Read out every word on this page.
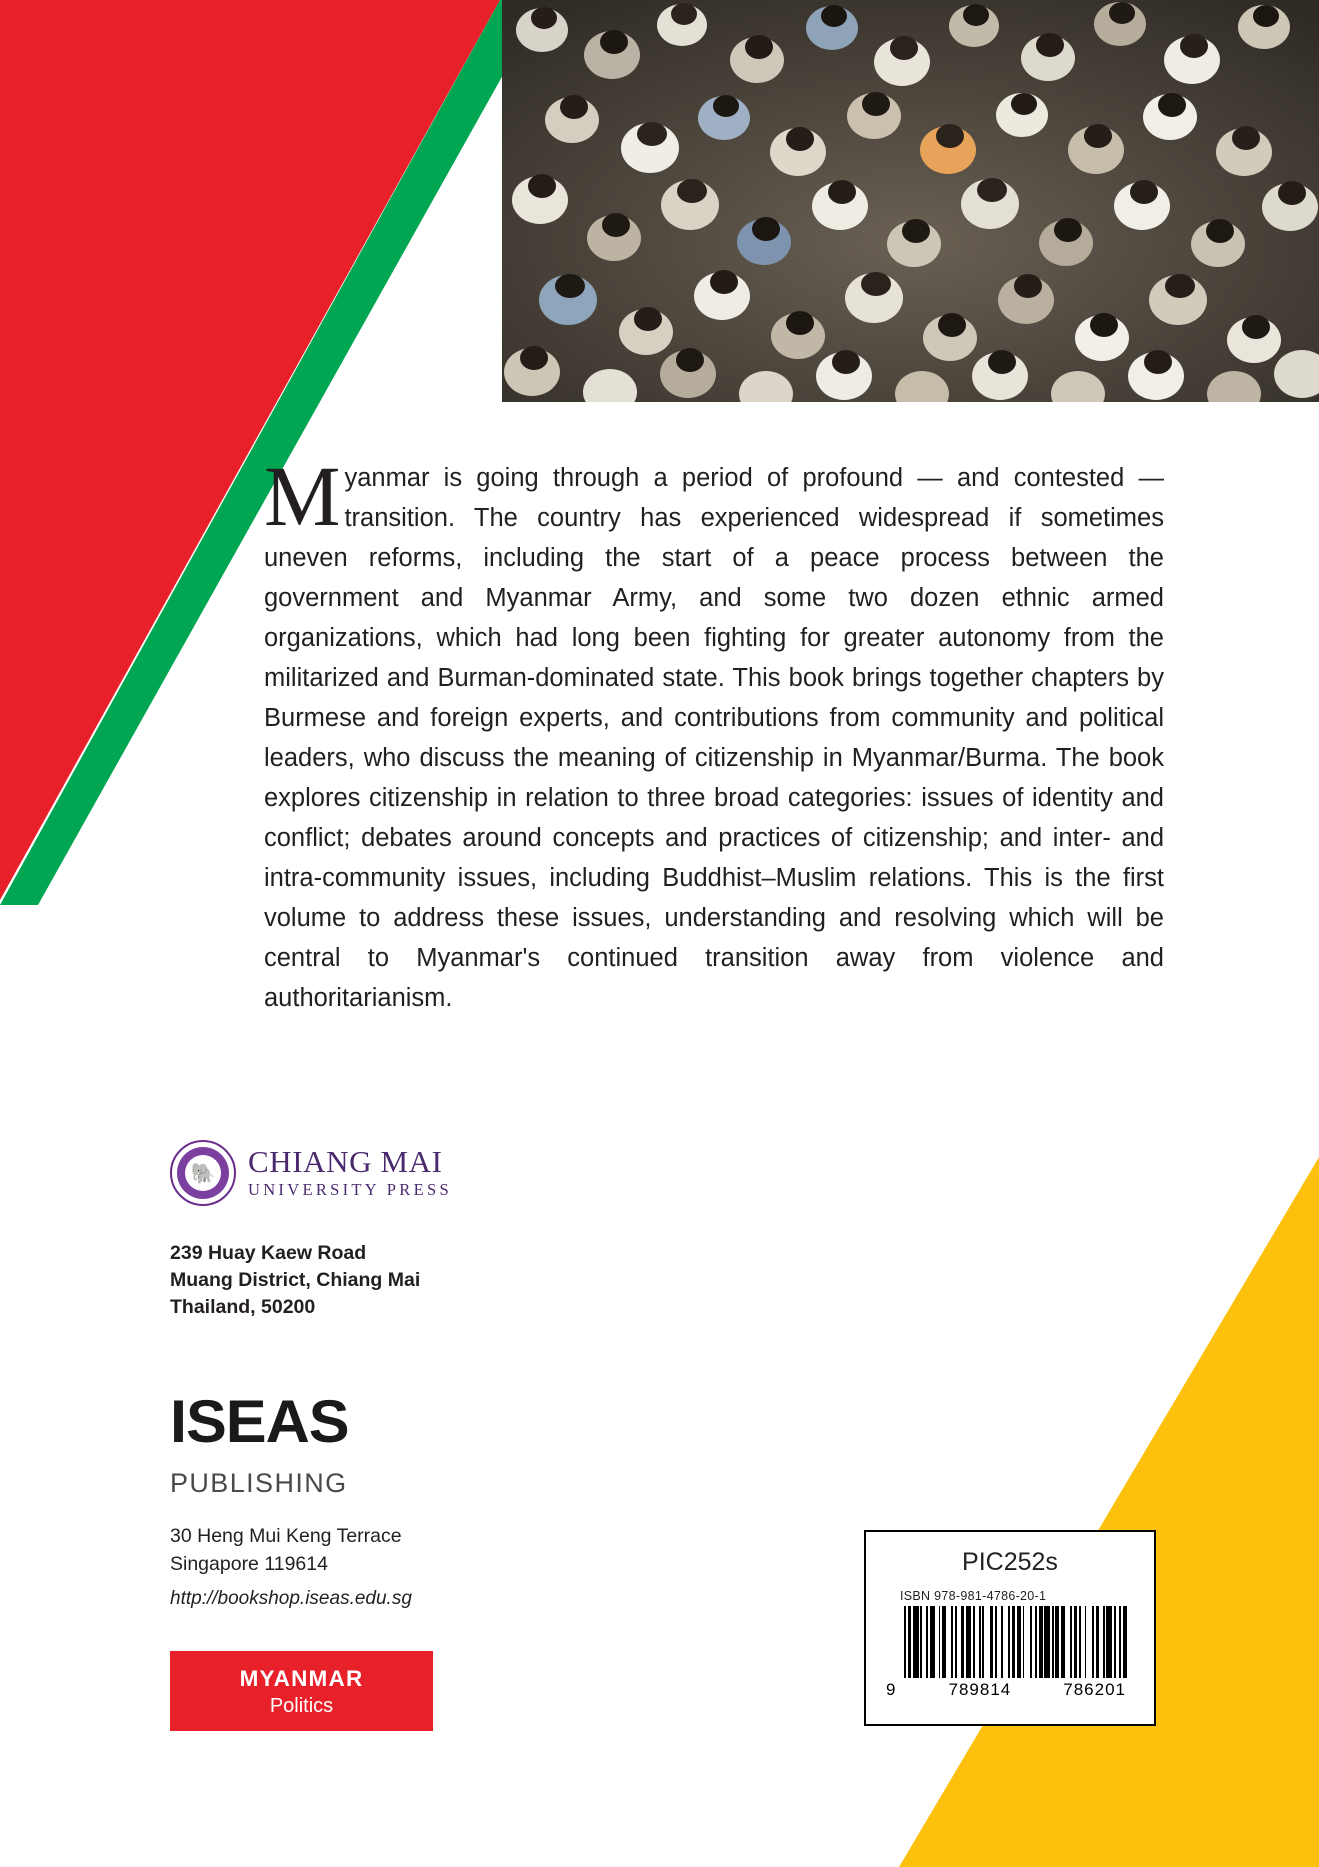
Myanmar is going through a period of profound — and contested — transition. The country has experienced widespread if sometimes uneven reforms, including the start of a peace process between the government and Myanmar Army, and some two dozen ethnic armed organizations, which had long been fighting for greater autonomy from the militarized and Burman-dominated state. This book brings together chapters by Burmese and foreign experts, and contributions from community and political leaders, who discuss the meaning of citizenship in Myanmar/Burma. The book explores citizenship in relation to three broad categories: issues of identity and conflict; debates around concepts and practices of citizenship; and inter- and intra-community issues, including Buddhist–Muslim relations. This is the first volume to address these issues, understanding and resolving which will be central to Myanmar's continued transition away from violence and authoritarianism.

🐘 CHIANG MAI
UNIVERSITY PRESS
239 Huay Kaew Road
Muang District, Chiang Mai
Thailand, 50200
ISEAS
PUBLISHING
30 Heng Mui Keng Terrace
Singapore 119614
http://bookshop.iseas.edu.sg
MYANMAR
Politics
PIC252s
ISBN 978-981-4786-20-1
9	789814	786201
